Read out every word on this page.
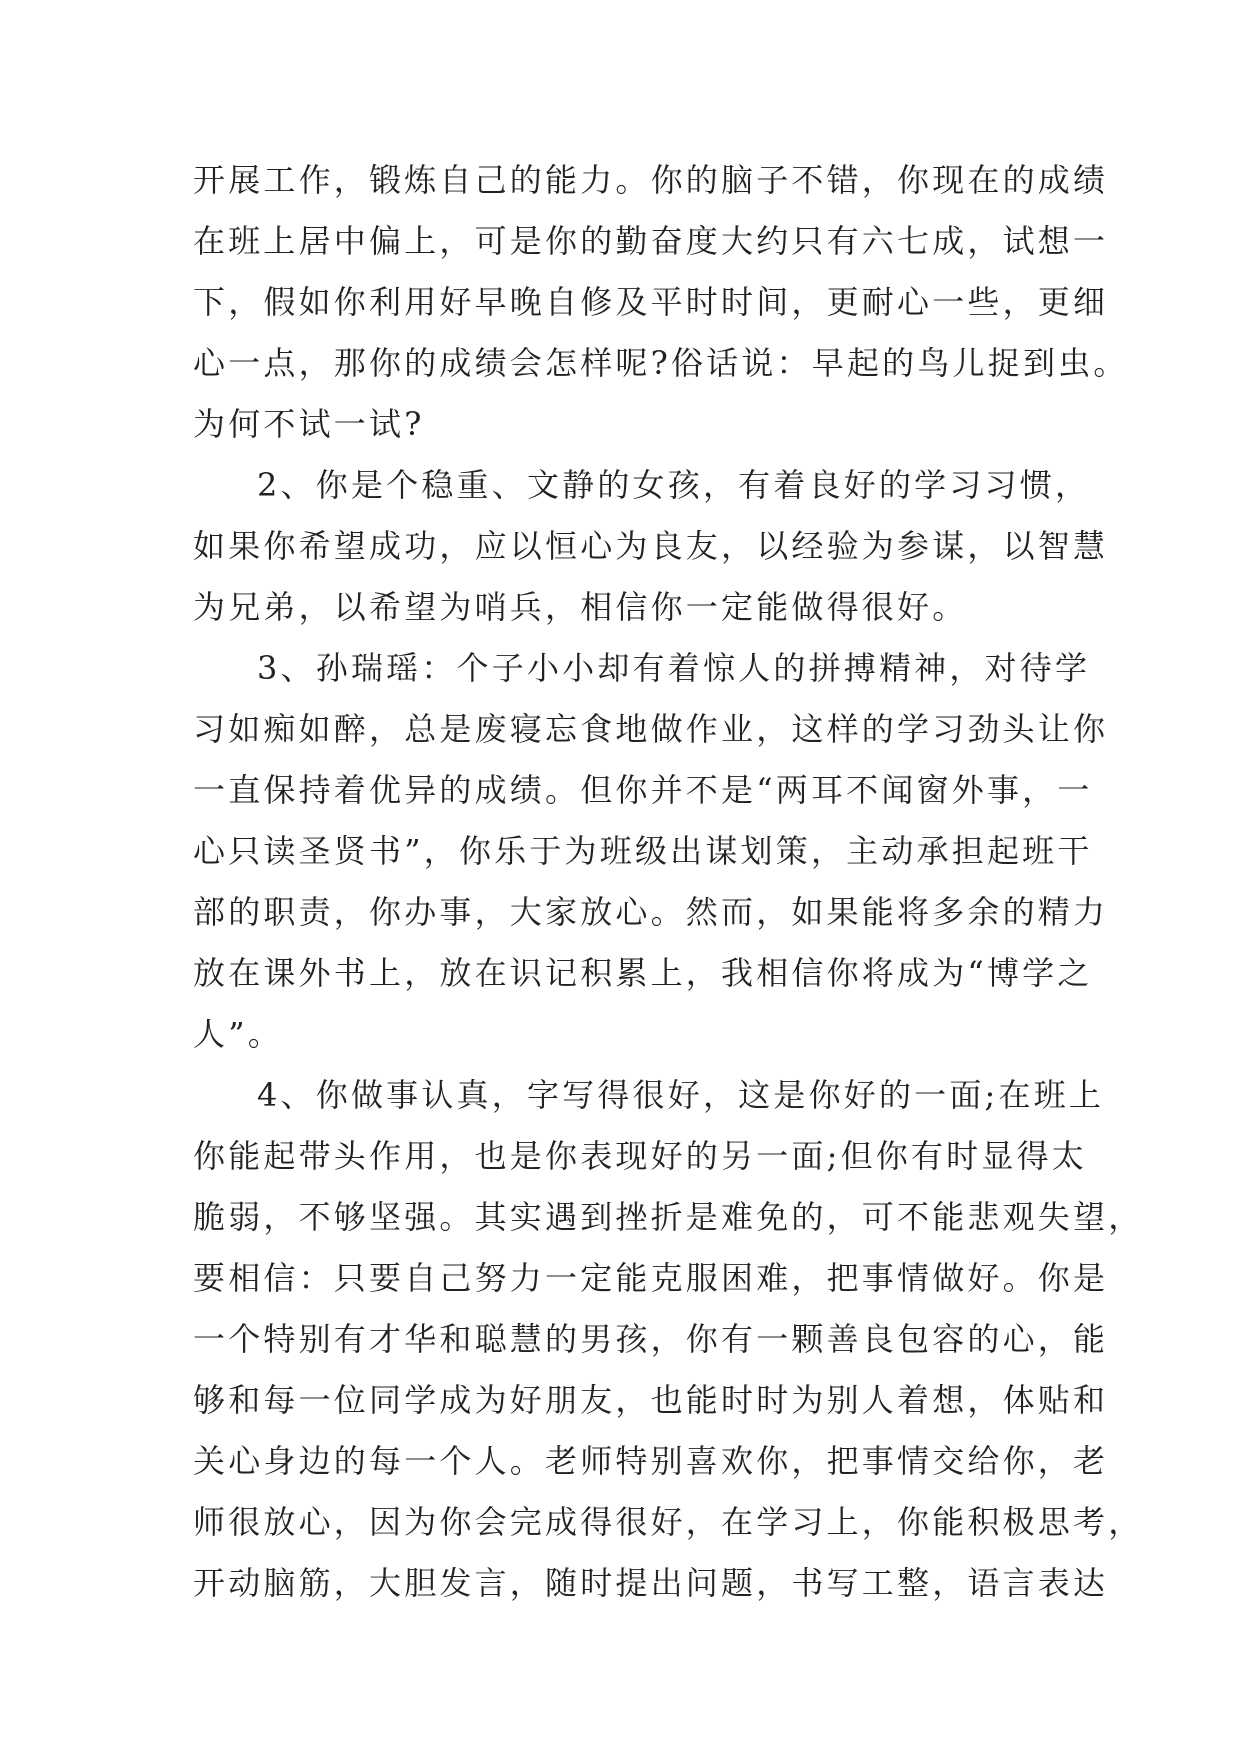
开展工作，锻炼自己的能力。你的脑子不错，你现在的成绩
在班上居中偏上，可是你的勤奋度大约只有六七成，试想一
下，假如你利用好早晚自修及平时时间，更耐心一些，更细
心一点，那你的成绩会怎样呢?俗话说：早起的鸟儿捉到虫。
为何不试一试?
2、你是个稳重、文静的女孩，有着良好的学习习惯，
如果你希望成功，应以恒心为良友，以经验为参谋，以智慧
为兄弟，以希望为哨兵，相信你一定能做得很好。
3、孙瑞瑶：个子小小却有着惊人的拼搏精神，对待学
习如痴如醉，总是废寝忘食地做作业，这样的学习劲头让你
一直保持着优异的成绩。但你并不是“两耳不闻窗外事，一
心只读圣贤书”，你乐于为班级出谋划策，主动承担起班干
部的职责，你办事，大家放心。然而，如果能将多余的精力
放在课外书上，放在识记积累上，我相信你将成为“博学之
人”。
4、你做事认真，字写得很好，这是你好的一面;在班上
你能起带头作用，也是你表现好的另一面;但你有时显得太
脆弱，不够坚强。其实遇到挫折是难免的，可不能悲观失望，
要相信：只要自己努力一定能克服困难，把事情做好。你是
一个特别有才华和聪慧的男孩，你有一颗善良包容的心，能
够和每一位同学成为好朋友，也能时时为别人着想，体贴和
关心身边的每一个人。老师特别喜欢你，把事情交给你，老
师很放心，因为你会完成得很好，在学习上，你能积极思考，
开动脑筋，大胆发言，随时提出问题，书写工整，语言表达
